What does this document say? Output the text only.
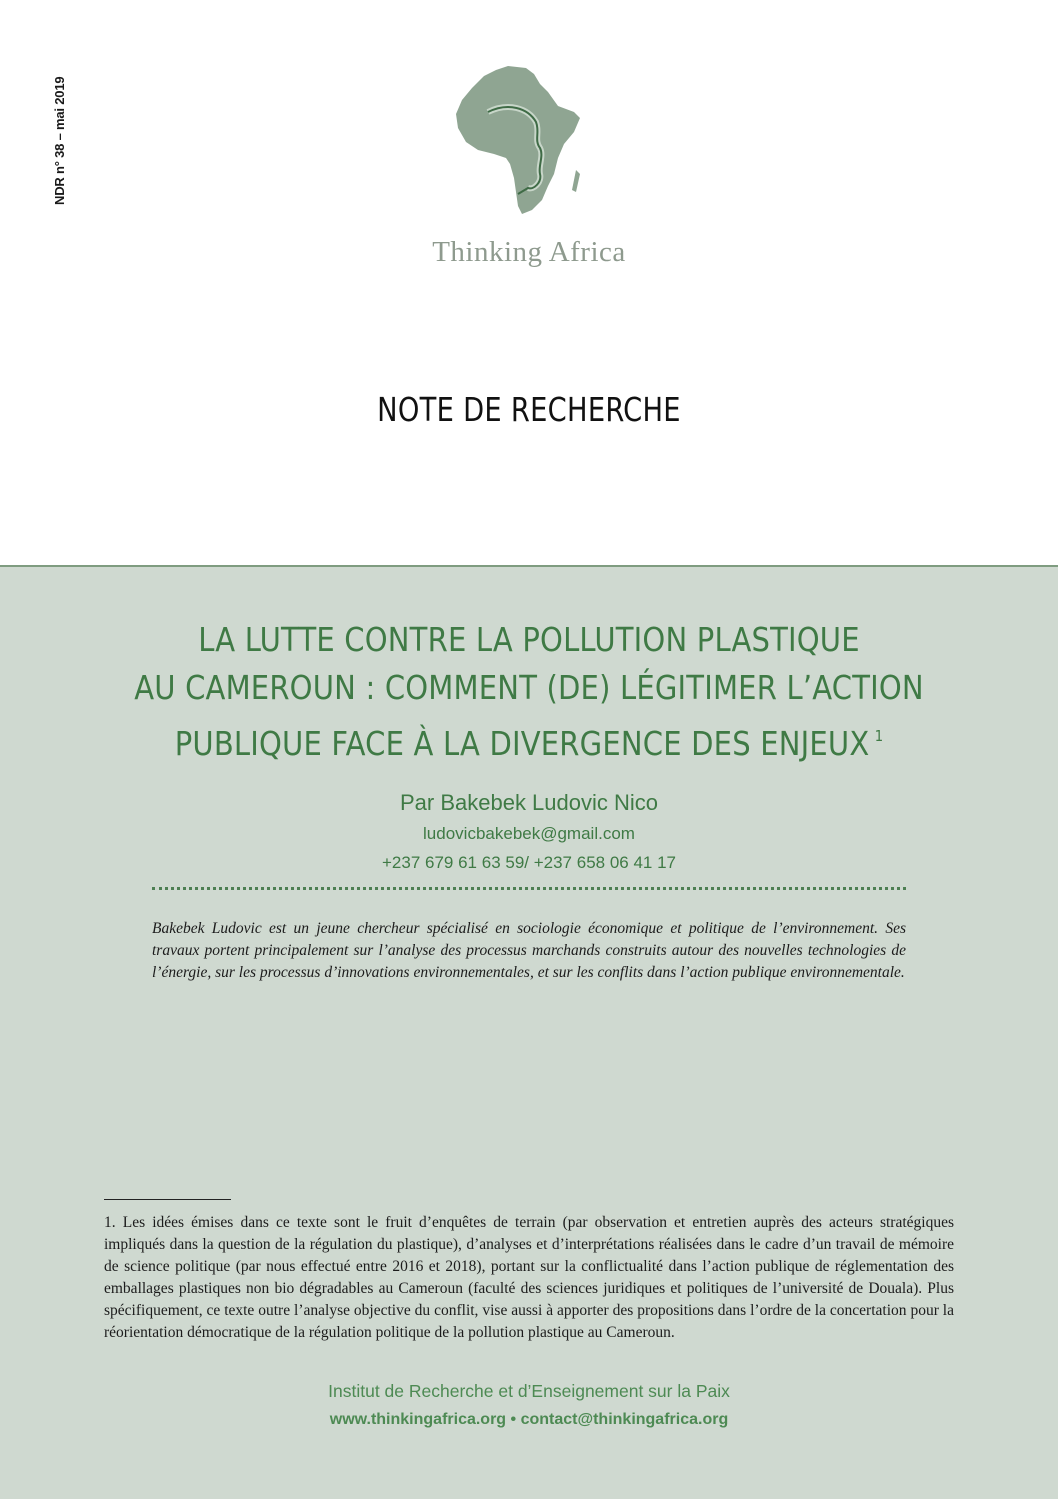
NDR n° 38 – mai 2019
Thinking Africa
NOTE DE RECHERCHE
LA LUTTE CONTRE LA POLLUTION PLASTIQUE
AU CAMEROUN : COMMENT (DE) LÉGITIMER L’ACTION
PUBLIQUE FACE À LA DIVERGENCE DES ENJEUX $^1$
Par Bakebek Ludovic Nico
ludovicbakebek@gmail.com
+237 679 61 63 59/ +237 658 06 41 17
Bakebek Ludovic est un jeune chercheur spécialisé en sociologie économique et politique de l’environnement. Ses travaux portent principalement sur l’analyse des processus marchands construits autour des nouvelles technologies de l’énergie, sur les processus d’innovations environnementales, et sur les conflits dans l’action publique environnementale.
1. Les idées émises dans ce texte sont le fruit d’enquêtes de terrain (par observation et entretien auprès des acteurs stratégiques impliqués dans la question de la régulation du plastique), d’analyses et d’interprétations réalisées dans le cadre d’un travail de mémoire de science politique (par nous effectué entre 2016 et 2018), portant sur la conflictualité dans l’action publique de réglementation des emballages plastiques non bio dégradables au Cameroun (faculté des sciences juridiques et politiques de l’université de Douala). Plus spécifiquement, ce texte outre l’analyse objective du conflit, vise aussi à apporter des propositions dans l’ordre de la concertation pour la réorientation démocratique de la régulation politique de la pollution plastique au Cameroun.
Institut de Recherche et d’Enseignement sur la Paix
www.thinkingafrica.org • contact@thinkingafrica.org
